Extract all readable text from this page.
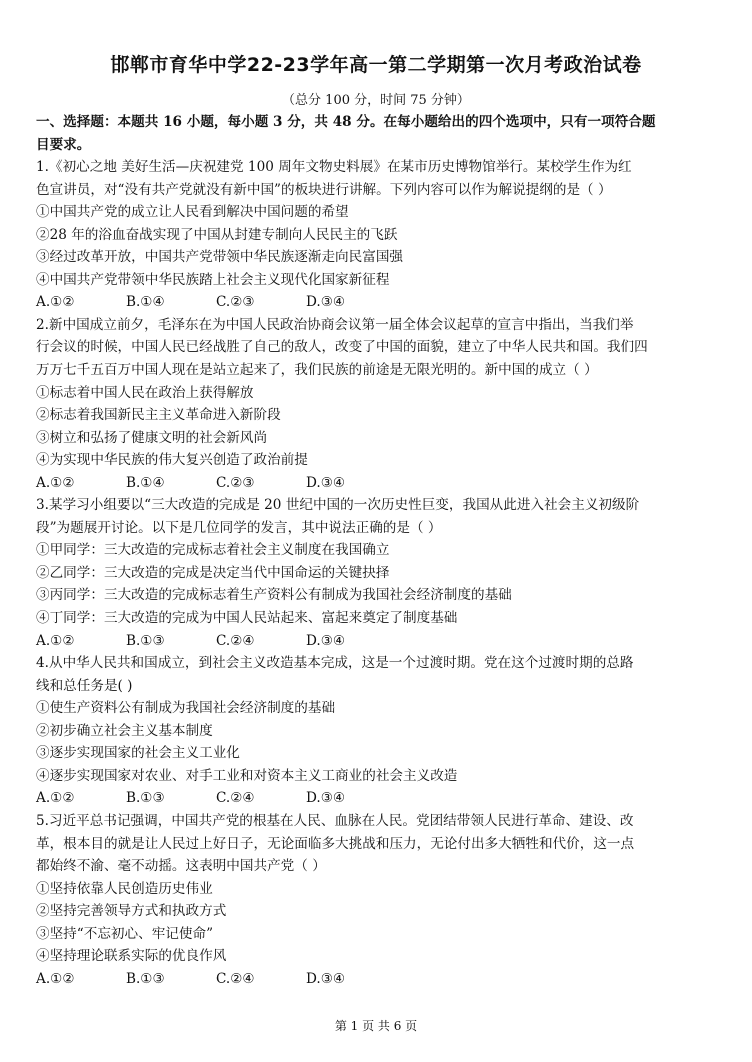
邯郸市育华中学22-23学年高一第二学期第一次月考政治试卷
（总分 100 分，时间 75 分钟）
一、选择题：本题共 16 小题，每小题 3 分，共 48 分。在每小题给出的四个选项中，只有一项符合题
目要求。
1.《初心之地 美好生活—庆祝建党 100 周年文物史料展》在某市历史博物馆举行。某校学生作为红
色宣讲员，对“没有共产党就没有新中国”的板块进行讲解。下列内容可以作为解说提纲的是（ ）
①中国共产党的成立让人民看到解决中国问题的希望
②28 年的浴血奋战实现了中国从封建专制向人民民主的飞跃
③经过改革开放，中国共产党带领中华民族逐渐走向民富国强
④中国共产党带领中华民族踏上社会主义现代化国家新征程
A.①②	B.①④	C.②③	D.③④
2.新中国成立前夕，毛泽东在为中国人民政治协商会议第一届全体会议起草的宣言中指出，当我们举
行会议的时候，中国人民已经战胜了自己的敌人，改变了中国的面貌，建立了中华人民共和国。我们四
万万七千五百万中国人现在是站立起来了，我们民族的前途是无限光明的。新中国的成立（ ）
①标志着中国人民在政治上获得解放
②标志着我国新民主主义革命进入新阶段
③树立和弘扬了健康文明的社会新风尚
④为实现中华民族的伟大复兴创造了政治前提
A.①②	B.①④	C.②③	D.③④
3.某学习小组要以“三大改造的完成是 20 世纪中国的一次历史性巨变，我国从此进入社会主义初级阶
段”为题展开讨论。以下是几位同学的发言，其中说法正确的是（ ）
①甲同学：三大改造的完成标志着社会主义制度在我国确立
②乙同学：三大改造的完成是决定当代中国命运的关键抉择
③丙同学：三大改造的完成标志着生产资料公有制成为我国社会经济制度的基础
④丁同学：三大改造的完成为中国人民站起来、富起来奠定了制度基础
A.①②	B.①③	C.②④	D.③④
4.从中华人民共和国成立，到社会主义改造基本完成，这是一个过渡时期。党在这个过渡时期的总路
线和总任务是( )
①使生产资料公有制成为我国社会经济制度的基础
②初步确立社会主义基本制度
③逐步实现国家的社会主义工业化
④逐步实现国家对农业、对手工业和对资本主义工商业的社会主义改造
A.①②	B.①③	C.②④	D.③④
5.习近平总书记强调，中国共产党的根基在人民、血脉在人民。党团结带领人民进行革命、建设、改
革，根本目的就是让人民过上好日子，无论面临多大挑战和压力，无论付出多大牺牲和代价，这一点
都始终不渝、毫不动摇。这表明中国共产党（ ）
①坚持依靠人民创造历史伟业
②坚持完善领导方式和执政方式
③坚持“不忘初心、牢记使命”
④坚持理论联系实际的优良作风
A.①②	B.①③	C.②④	D.③④
第 1 页 共 6 页
